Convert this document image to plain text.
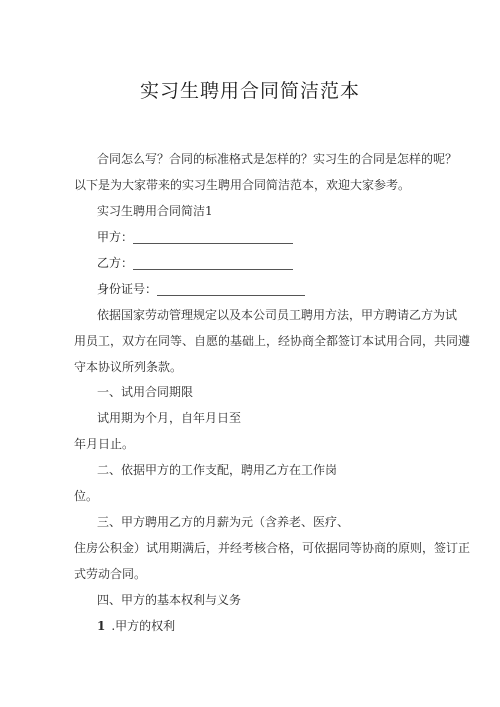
实习生聘用合同简洁范本
合同怎么写？合同的标准格式是怎样的？实习生的合同是怎样的呢？
以下是为大家带来的实习生聘用合同简洁范本，欢迎大家参考。
实习生聘用合同简洁1
甲方：
乙方：
身份证号：
依据国家劳动管理规定以及本公司员工聘用方法，甲方聘请乙方为试
用员工，双方在同等、自愿的基础上，经协商全都签订本试用合同，共同遵
守本协议所列条款。
一、试用合同期限
试用期为个月，自年月日至
年月日止。
二、依据甲方的工作支配，聘用乙方在工作岗
位。
三、甲方聘用乙方的月薪为元（含养老、医疗、
住房公积金）试用期满后，并经考核合格，可依据同等协商的原则，签订正
式劳动合同。
四、甲方的基本权利与义务
1 .甲方的权利
